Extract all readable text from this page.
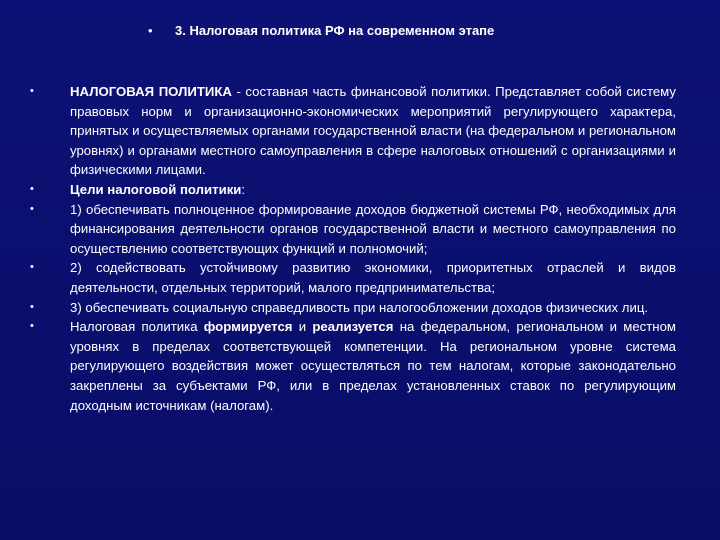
• 3. Налоговая политика РФ на современном этапе

•	НАЛОГОВАЯ ПОЛИТИКА - составная часть финансовой политики. Представляет собой систему правовых норм и организационно-экономических мероприятий регулирующего характера, принятых и осуществляемых органами государственной власти (на федеральном и региональном уровнях) и органами местного самоуправления в сфере налоговых отношений с организациями и физическими лицами.

•	Цели налоговой политики:

•	1) обеспечивать полноценное формирование доходов бюджетной системы РФ, необходимых для финансирования деятельности органов государственной власти и местного самоуправления по осуществлению соответствующих функций и полномочий;

•	2) содействовать устойчивому развитию экономики, приоритетных отраслей и видов деятельности, отдельных территорий, малого предпринимательства;

•	3) обеспечивать социальную справедливость при налогообложении доходов физических лиц.

•	Налоговая политика формируется и реализуется на федеральном, региональном и местном уровнях в пределах соответствующей компетенции. На региональном уровне система регулирующего воздействия может осуществляться по тем налогам, которые законодательно закреплены за субъектами РФ, или в пределах установленных ставок по регулирующим доходным источникам (налогам).
